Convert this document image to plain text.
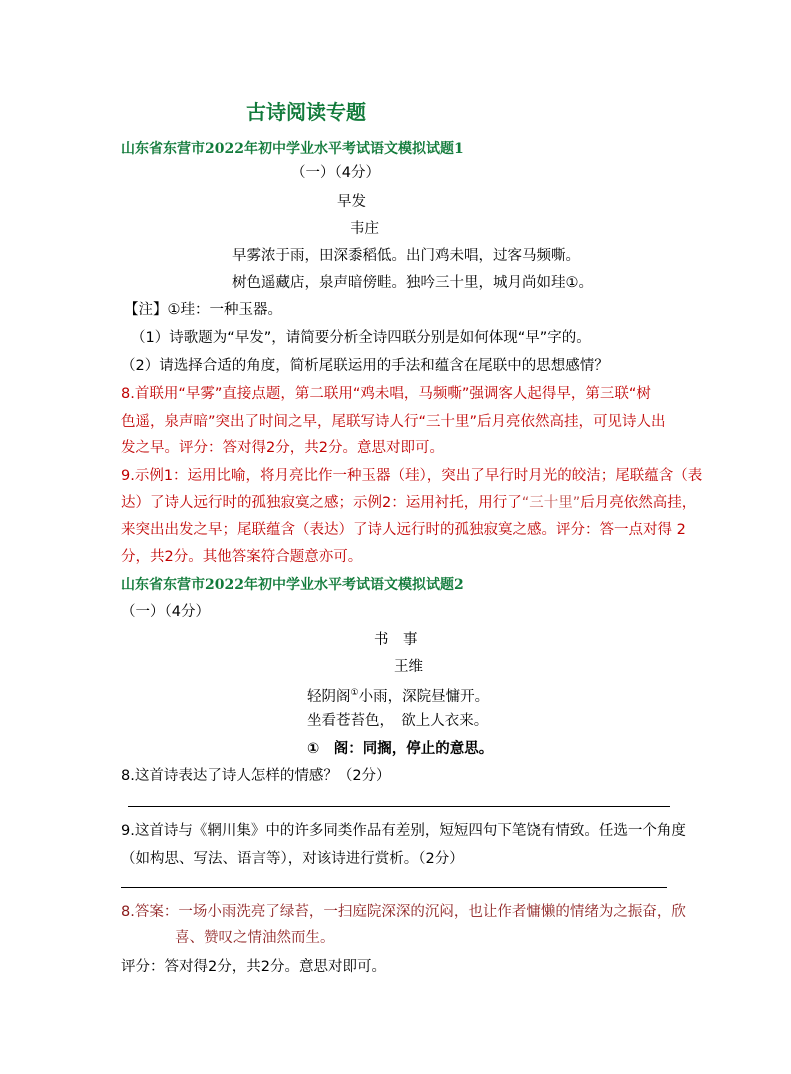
古诗阅读专题
山东省东营市2022年初中学业水平考试语文模拟试题1
（一）（4分）
早发
韦庄
早雾浓于雨，田深黍稻低。出门鸡未唱，过客马频嘶。
树色遥藏店，泉声暗傍畦。独吟三十里，城月尚如珪①。
【注】①珪：一种玉器。
（1）诗歌题为“早发”，请简要分析全诗四联分别是如何体现“早”字的。
（2）请选择合适的角度，简析尾联运用的手法和蕴含在尾联中的思想感情？
8.首联用“早雾”直接点题，第二联用“鸡未唱，马频嘶”强调客人起得早，第三联“树
色遥，泉声暗”突出了时间之早，尾联写诗人行“三十里”后月亮依然高挂，可见诗人出
发之早。评分：答对得2分，共2分。意思对即可。
9.示例1：运用比喻，将月亮比作一种玉器（珪），突出了早行时月光的皎洁；尾联蕴含（表
达）了诗人远行时的孤独寂寞之感；示例2：运用衬托，用行了“三十里”后月亮依然高挂，
来突出出发之早；尾联蕴含（表达）了诗人远行时的孤独寂寞之感。评分：答一点对得 2
分，共2分。其他答案符合题意亦可。
山东省东营市2022年初中学业水平考试语文模拟试题2
（一）（4分）
书　事
王维
轻阴阁①小雨，深院昼慵开。
坐看苍苔色，　欲上人衣来。
①　阁：同搁，停止的意思。
8.这首诗表达了诗人怎样的情感？（2分）
9.这首诗与《辋川集》中的许多同类作品有差别，短短四句下笔饶有情致。任选一个角度
（如构思、写法、语言等），对该诗进行赏析。（2分）
8.答案：一场小雨洗亮了绿苔，一扫庭院深深的沉闷，也让作者慵懒的情绪为之振奋，欣
喜、赞叹之情油然而生。
评分：答对得2分，共2分。意思对即可。
